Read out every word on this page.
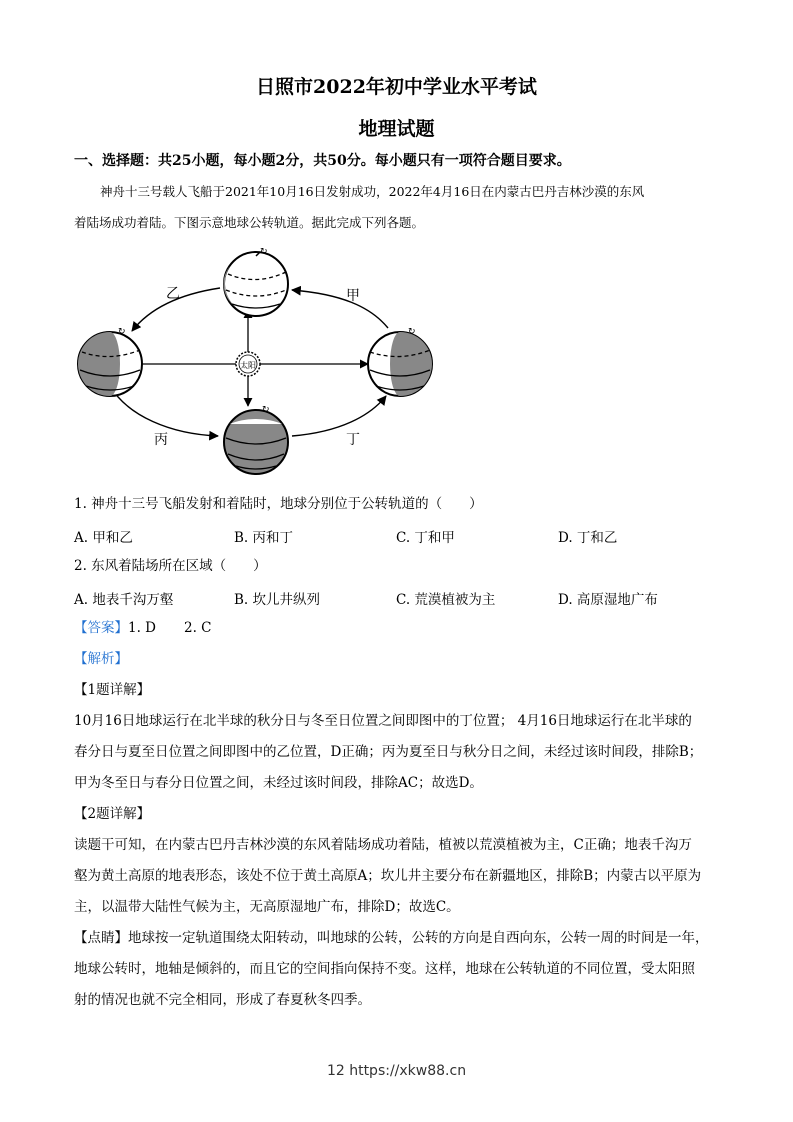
日照市2022年初中学业水平考试
地理试题
一、选择题：共25小题，每小题2分，共50分。每小题只有一项符合题目要求。
神舟十三号载人飞船于2021年10月16日发射成功，2022年4月16日在内蒙古巴丹吉林沙漠的东风
着陆场成功着陆。下图示意地球公转轨道。据此完成下列各题。
太阳
↻
↻	↻
↻
乙	甲
丙	丁
1. 神舟十三号飞船发射和着陆时，地球分别位于公转轨道的（　　）
A. 甲和乙	B. 丙和丁	C. 丁和甲	D. 丁和乙
2. 东风着陆场所在区域（　　）
A. 地表千沟万壑	B. 坎儿井纵列	C. 荒漠植被为主	D. 高原湿地广布
【答案】1. D 2. C
【解析】
【1题详解】
10月16日地球运行在北半球的秋分日与冬至日位置之间即图中的丁位置； 4月16日地球运行在北半球的
春分日与夏至日位置之间即图中的乙位置，D正确；丙为夏至日与秋分日之间，未经过该时间段，排除B；
甲为冬至日与春分日位置之间，未经过该时间段，排除AC；故选D。
【2题详解】
读题干可知，在内蒙古巴丹吉林沙漠的东风着陆场成功着陆，植被以荒漠植被为主，C正确；地表千沟万
壑为黄土高原的地表形态，该处不位于黄土高原A；坎儿井主要分布在新疆地区，排除B；内蒙古以平原为
主，以温带大陆性气候为主，无高原湿地广布，排除D；故选C。
【点睛】地球按一定轨道围绕太阳转动，叫地球的公转，公转的方向是自西向东，公转一周的时间是一年，
地球公转时，地轴是倾斜的，而且它的空间指向保持不变。这样，地球在公转轨道的不同位置，受太阳照
射的情况也就不完全相同，形成了春夏秋冬四季。
12 https://xkw88.cn
